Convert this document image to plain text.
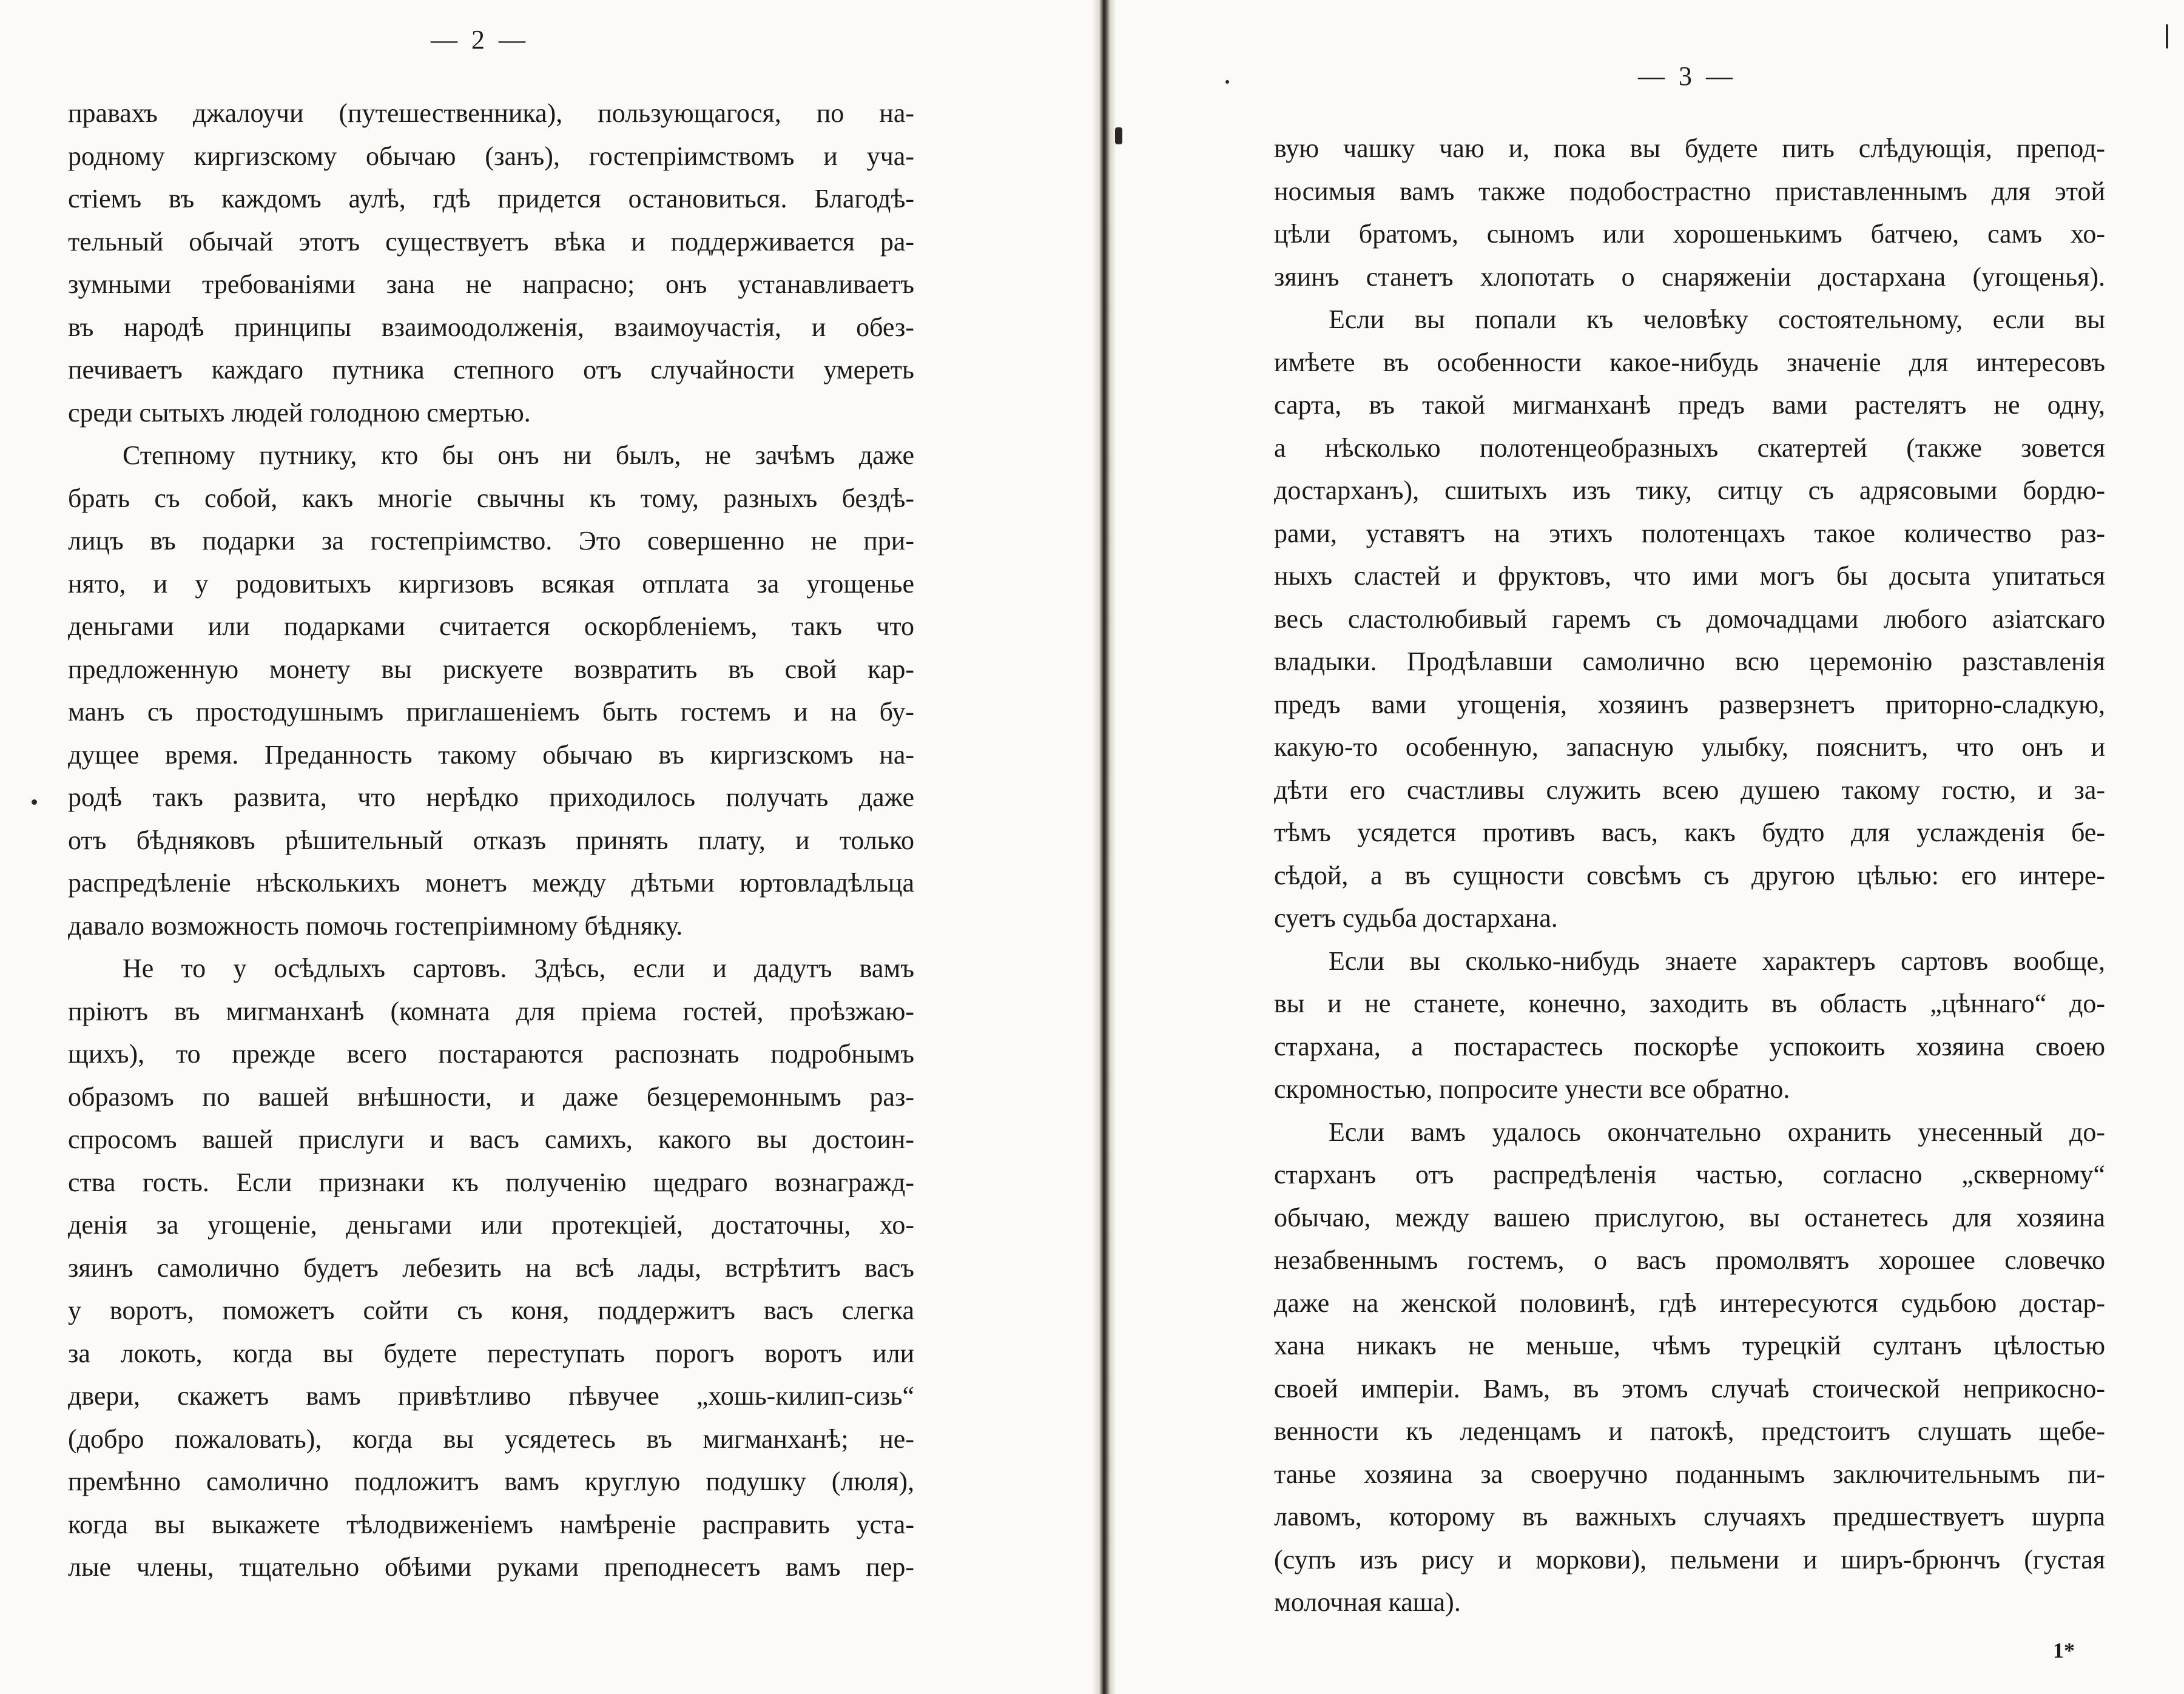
— 2 —

правахъ джалоучи (путешественника), пользующагося, по на-
родному киргизскому обычаю (занъ), гостепріимствомъ и уча-
стіемъ въ каждомъ аулѣ, гдѣ придется остановиться. Благодѣ-
тельный обычай этотъ существуетъ вѣка и поддерживается ра-
зумными требованіями зана не напрасно; онъ устанавливаетъ
въ народѣ принципы взаимоодолженія, взаимоучастія, и обез-
печиваетъ каждаго путника степного отъ случайности умереть
среди сытыхъ людей голодною смертью.

Степному путнику, кто бы онъ ни былъ, не зачѣмъ даже
брать съ собой, какъ многіе свычны къ тому, разныхъ бездѣ-
лицъ въ подарки за гостепріимство. Это совершенно не при-
нято, и у родовитыхъ киргизовъ всякая отплата за угощенье
деньгами или подарками считается оскорбленіемъ, такъ что
предложенную монету вы рискуете возвратить въ свой кар-
манъ съ простодушнымъ приглашеніемъ быть гостемъ и на бу-
дущее время. Преданность такому обычаю въ киргизскомъ на-
родѣ такъ развита, что нерѣдко приходилось получать даже
отъ бѣдняковъ рѣшительный отказъ принять плату, и только
распредѣленіе нѣсколькихъ монетъ между дѣтьми юртовладѣльца
давало возможность помочь гостепріимному бѣдняку.

Не то у осѣдлыхъ сартовъ. Здѣсь, если и дадутъ вамъ
пріютъ въ мигманханѣ (комната для пріема гостей, проѣзжаю-
щихъ), то прежде всего постараются распознать подробнымъ
образомъ по вашей внѣшности, и даже безцеремоннымъ раз-
спросомъ вашей прислуги и васъ самихъ, какого вы достоин-
ства гость. Если признаки къ полученію щедраго вознагражд-
денія за угощеніе, деньгами или протекціей, достаточны, хо-
зяинъ самолично будетъ лебезить на всѣ лады, встрѣтитъ васъ
у воротъ, поможетъ сойти съ коня, поддержитъ васъ слегка
за локоть, когда вы будете переступать порогъ воротъ или
двери, скажетъ вамъ привѣтливо пѣвучее „хошь-килип-сизь“
(добро пожаловать), когда вы усядетесь въ мигманханѣ; не-
премѣнно самолично подложитъ вамъ круглую подушку (люля),
когда вы выкажете тѣлодвиженіемъ намѣреніе расправить уста-
лые члены, тщательно обѣими руками преподнесетъ вамъ пер-

— 3 —

вую чашку чаю и, пока вы будете пить слѣдующія, препод-
носимыя вамъ также подобострастно приставленнымъ для этой
цѣли братомъ, сыномъ или хорошенькимъ батчею, самъ хо-
зяинъ станетъ хлопотать о снаряженіи достархана (угощенья).

Если вы попали къ человѣку состоятельному, если вы
имѣете въ особенности какое-нибудь значеніе для интересовъ
сарта, въ такой мигманханѣ предъ вами растелятъ не одну,
а нѣсколько полотенцеобразныхъ скатертей (также зовется
достарханъ), сшитыхъ изъ тику, ситцу съ адрясовыми бордю-
рами, уставятъ на этихъ полотенцахъ такое количество раз-
ныхъ сластей и фруктовъ, что ими могъ бы досыта упитаться
весь сластолюбивый гаремъ съ домочадцами любого азіатскаго
владыки. Продѣлавши самолично всю церемонію разставленія
предъ вами угощенія, хозяинъ разверзнетъ приторно-сладкую,
какую-то особенную, запасную улыбку, пояснитъ, что онъ и
дѣти его счастливы служить всею душею такому гостю, и за-
тѣмъ усядется противъ васъ, какъ будто для услажденія бе-
сѣдой, а въ сущности совсѣмъ съ другою цѣлью: его интере-
суетъ судьба достархана.

Если вы сколько-нибудь знаете характеръ сартовъ вообще,
вы и не станете, конечно, заходить въ область „цѣннаго“ до-
стархана, а постарастесь поскорѣе успокоить хозяина своею
скромностью, попросите унести все обратно.

Если вамъ удалось окончательно охранить унесенный до-
старханъ отъ распредѣленія частью, согласно „скверному“
обычаю, между вашею прислугою, вы останетесь для хозяина
незабвеннымъ гостемъ, о васъ промолвятъ хорошее словечко
даже на женской половинѣ, гдѣ интересуются судьбою достар-
хана никакъ не меньше, чѣмъ турецкій султанъ цѣлостью
своей имперіи. Вамъ, въ этомъ случаѣ стоической неприкосно-
венности къ леденцамъ и патокѣ, предстоитъ слушать щебе-
танье хозяина за своеручно поданнымъ заключительнымъ пи-
лавомъ, которому въ важныхъ случаяхъ предшествуетъ шурпа
(супъ изъ рису и моркови), пельмени и ширъ-брюнчъ (густая
молочная каша).

1*
